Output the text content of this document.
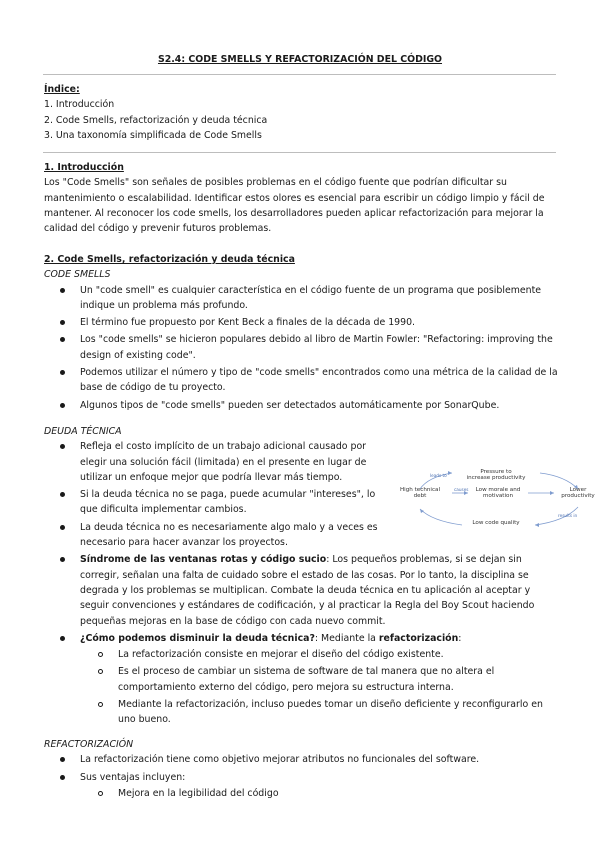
S2.4: CODE SMELLS Y REFACTORIZACIÓN DEL CÓDIGO

Índice:

1. Introducción

2. Code Smells, refactorización y deuda técnica

3. Una taxonomía simplificada de Code Smells

1. Introducción

Los "Code Smells" son señales de posibles problemas en el código fuente que podrían dificultar su mantenimiento o escalabilidad. Identificar estos olores es esencial para escribir un código limpio y fácil de mantener. Al reconocer los code smells, los desarrolladores pueden aplicar refactorización para mejorar la calidad del código y prevenir futuros problemas.

2. Code Smells, refactorización y deuda técnica

CODE SMELLS

Un "code smell" es cualquier característica en el código fuente de un programa que posiblemente indique un problema más profundo.
El término fue propuesto por Kent Beck a finales de la década de 1990.
Los "code smells" se hicieron populares debido al libro de Martin Fowler: "Refactoring: improving the design of existing code".
Podemos utilizar el número y tipo de "code smells" encontrados como una métrica de la calidad de la base de código de tu proyecto.
Algunos tipos de "code smells" pueden ser detectados automáticamente por SonarQube.

DEUDA TÉCNICA

Refleja el costo implícito de un trabajo adicional causado por elegir una solución fácil (limitada) en el presente en lugar de utilizar un enfoque mejor que podría llevar más tiempo.
Si la deuda técnica no se paga, puede acumular "intereses", lo que dificulta implementar cambios.
La deuda técnica no es necesariamente algo malo y a veces es necesario para hacer avanzar los proyectos.
Síndrome de las ventanas rotas y código sucio: Los pequeños problemas, si se dejan sin corregir, señalan una falta de cuidado sobre el estado de las cosas. Por lo tanto, la disciplina se degrada y los problemas se multiplican. Combate la deuda técnica en tu aplicación al aceptar y seguir convenciones y estándares de codificación, y al practicar la Regla del Boy Scout haciendo pequeñas mejoras en la base de código con cada nuevo commit.
¿Cómo podemos disminuir la deuda técnica?: Mediante la refactorización:
La refactorización consiste en mejorar el diseño del código existente.
Es el proceso de cambiar un sistema de software de tal manera que no altera el comportamiento externo del código, pero mejora su estructura interna.
Mediante la refactorización, incluso puedes tomar un diseño deficiente y reconfigurarlo en uno bueno.
Pressure to
increase productivity
High technical
debt
Low morale and
motivation
Lower
productivity
Low code quality
leads to
causes
results in

REFACTORIZACIÓN

La refactorización tiene como objetivo mejorar atributos no funcionales del software.
Sus ventajas incluyen:
Mejora en la legibilidad del código
